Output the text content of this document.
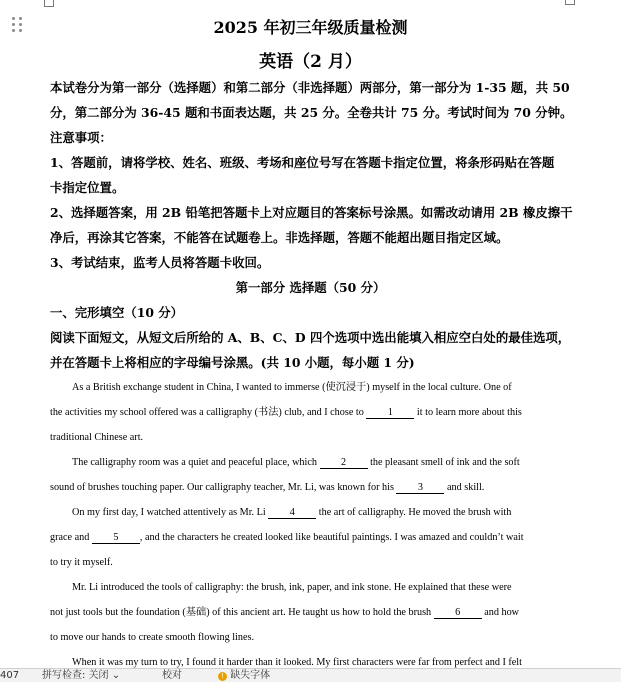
2025 年初三年级质量检测
英语（2 月）
本试卷分为第一部分（选择题）和第二部分（非选择题）两部分，第一部分为 1-35 题，共 50
分，第二部分为 36-45 题和书面表达题，共 25 分。全卷共计 75 分。考试时间为 70 分钟。
注意事项：
1、答题前，请将学校、姓名、班级、考场和座位号写在答题卡指定位置，将条形码贴在答题
卡指定位置。
2、选择题答案，用 2B 铅笔把答题卡上对应题目的答案标号涂黑。如需改动请用 2B 橡皮擦干
净后，再涂其它答案，不能答在试题卷上。非选择题，答题不能超出题目指定区域。
3、考试结束，监考人员将答题卡收回。
第一部分 选择题（50 分）
一、完形填空（10 分）
阅读下面短文，从短文后所给的 A、B、C、D 四个选项中选出能填入相应空白处的最佳选项，
并在答题卡上将相应的字母编号涂黑。(共 10 小题，每小题 1 分)
As a British exchange student in China, I wanted to immerse (使沉浸于) myself in the local culture. One of
the activities my school offered was a calligraphy (书法) club, and I chose to 1 it to learn more about this
traditional Chinese art.
The calligraphy room was a quiet and peaceful place, which 2 the pleasant smell of ink and the soft
sound of brushes touching paper. Our calligraphy teacher, Mr. Li, was known for his 3 and skill.
On my first day, I watched attentively as Mr. Li 4 the art of calligraphy. He moved the brush with
grace and 5 , and the characters he created looked like beautiful paintings. I was amazed and couldn’t wait
to try it myself.
Mr. Li introduced the tools of calligraphy: the brush, ink, paper, and ink stone. He explained that these were
not just tools but the foundation (基础) of this ancient art. He taught us how to hold the brush 6 and how
to move our hands to create smooth flowing lines.
When it was my turn to try, I found it harder than it looked. My first characters were far from perfect and I felt
407 拼写检查: 关闭 ⌄	校对	! 缺失字体
